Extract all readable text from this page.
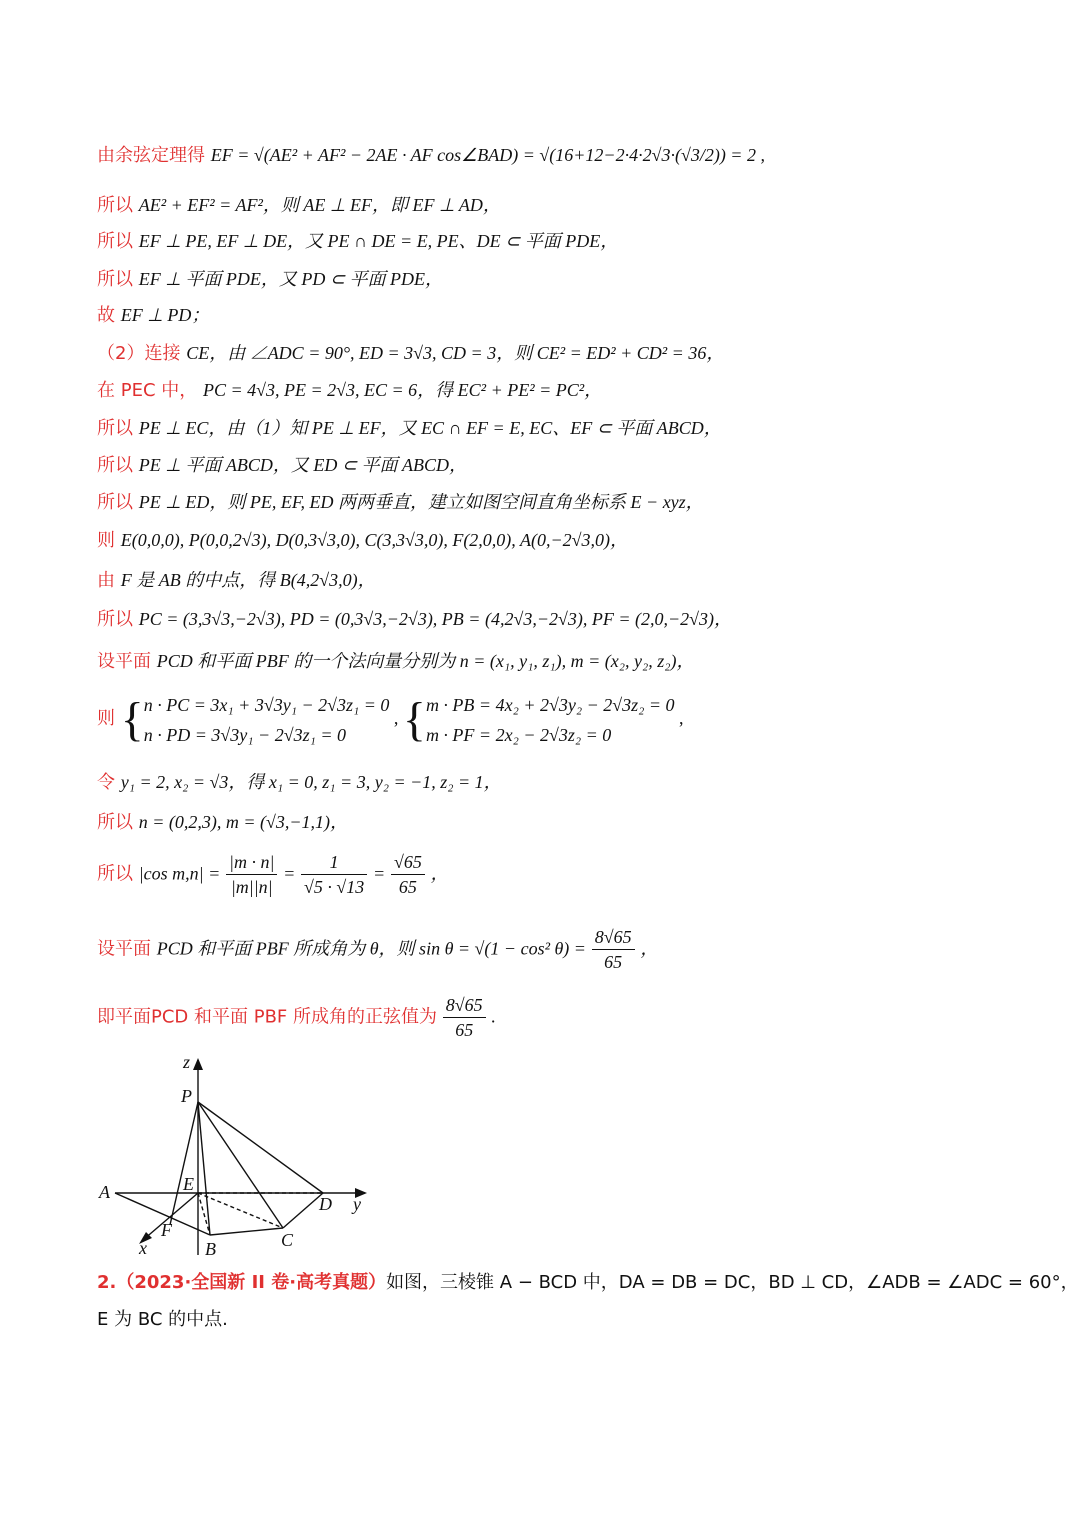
由余弦定理得 EF = √(AE² + AF² − 2AE · AF cos∠BAD) = √(16+12−2·4·2√3·(√3/2)) = 2 ,
所以 AE² + EF² = AF²，则 AE ⊥ EF，即 EF ⊥ AD，
所以 EF ⊥ PE, EF ⊥ DE，又 PE ∩ DE = E, PE、DE ⊂ 平面 PDE，
所以 EF ⊥ 平面 PDE，又 PD ⊂ 平面 PDE，
故 EF ⊥ PD；
（2）连接 CE，由 ∠ADC = 90°, ED = 3√3, CD = 3，则 CE² = ED² + CD² = 36，
在 PEC 中， PC = 4√3, PE = 2√3, EC = 6，得 EC² + PE² = PC²，
所以 PE ⊥ EC，由（1）知 PE ⊥ EF，又 EC ∩ EF = E, EC、EF ⊂ 平面 ABCD，
所以 PE ⊥ 平面 ABCD，又 ED ⊂ 平面 ABCD，
所以 PE ⊥ ED，则 PE, EF, ED 两两垂直，建立如图空间直角坐标系 E − xyz，
则 E(0,0,0), P(0,0,2√3), D(0,3√3,0), C(3,3√3,0), F(2,0,0), A(0,−2√3,0)，
由 F 是 AB 的中点，得 B(4,2√3,0)，
所以 PC = (3,3√3,−2√3), PD = (0,3√3,−2√3), PB = (4,2√3,−2√3), PF = (2,0,−2√3)，
设平面 PCD 和平面 PBF 的一个法向量分别为 n = (x₁, y₁, z₁), m = (x₂, y₂, z₂)，
则 { n · PC = 3x₁ + 3√3y₁ − 2√3z₁ = 0
n · PD = 3√3y₁ − 2√3z₁ = 0
, { m · PB = 4x₂ + 2√3y₂ − 2√3z₂ = 0
m · PF = 2x₂ − 2√3z₂ = 0
,
令 y₁ = 2, x₂ = √3，得 x₁ = 0, z₁ = 3, y₂ = −1, z₂ = 1，
所以 n = (0,2,3), m = (√3,−1,1)，
所以 |cos $m,n| = \frac{|m \cdot n|}{|m||n|} = \frac{1}{√5 \cdot √13} = \frac{√65}{65}$ ，
设平面 PCD 和平面 PBF 所成角为 θ，则 sin θ = √(1 − cos² $\theta) = \frac{8√65}{65}$ ，
即平面PCD 和平面 PBF 所成角的正弦值为 $\frac{8√65}{65}$ .
z
P
A	E
D y
F
x	B	C
2.（2023·全国新 II 卷·高考真题）如图，三棱锥 A − BCD 中，DA = DB = DC，BD ⊥ CD，∠ADB = ∠ADC = 60°，
E 为 BC 的中点.
